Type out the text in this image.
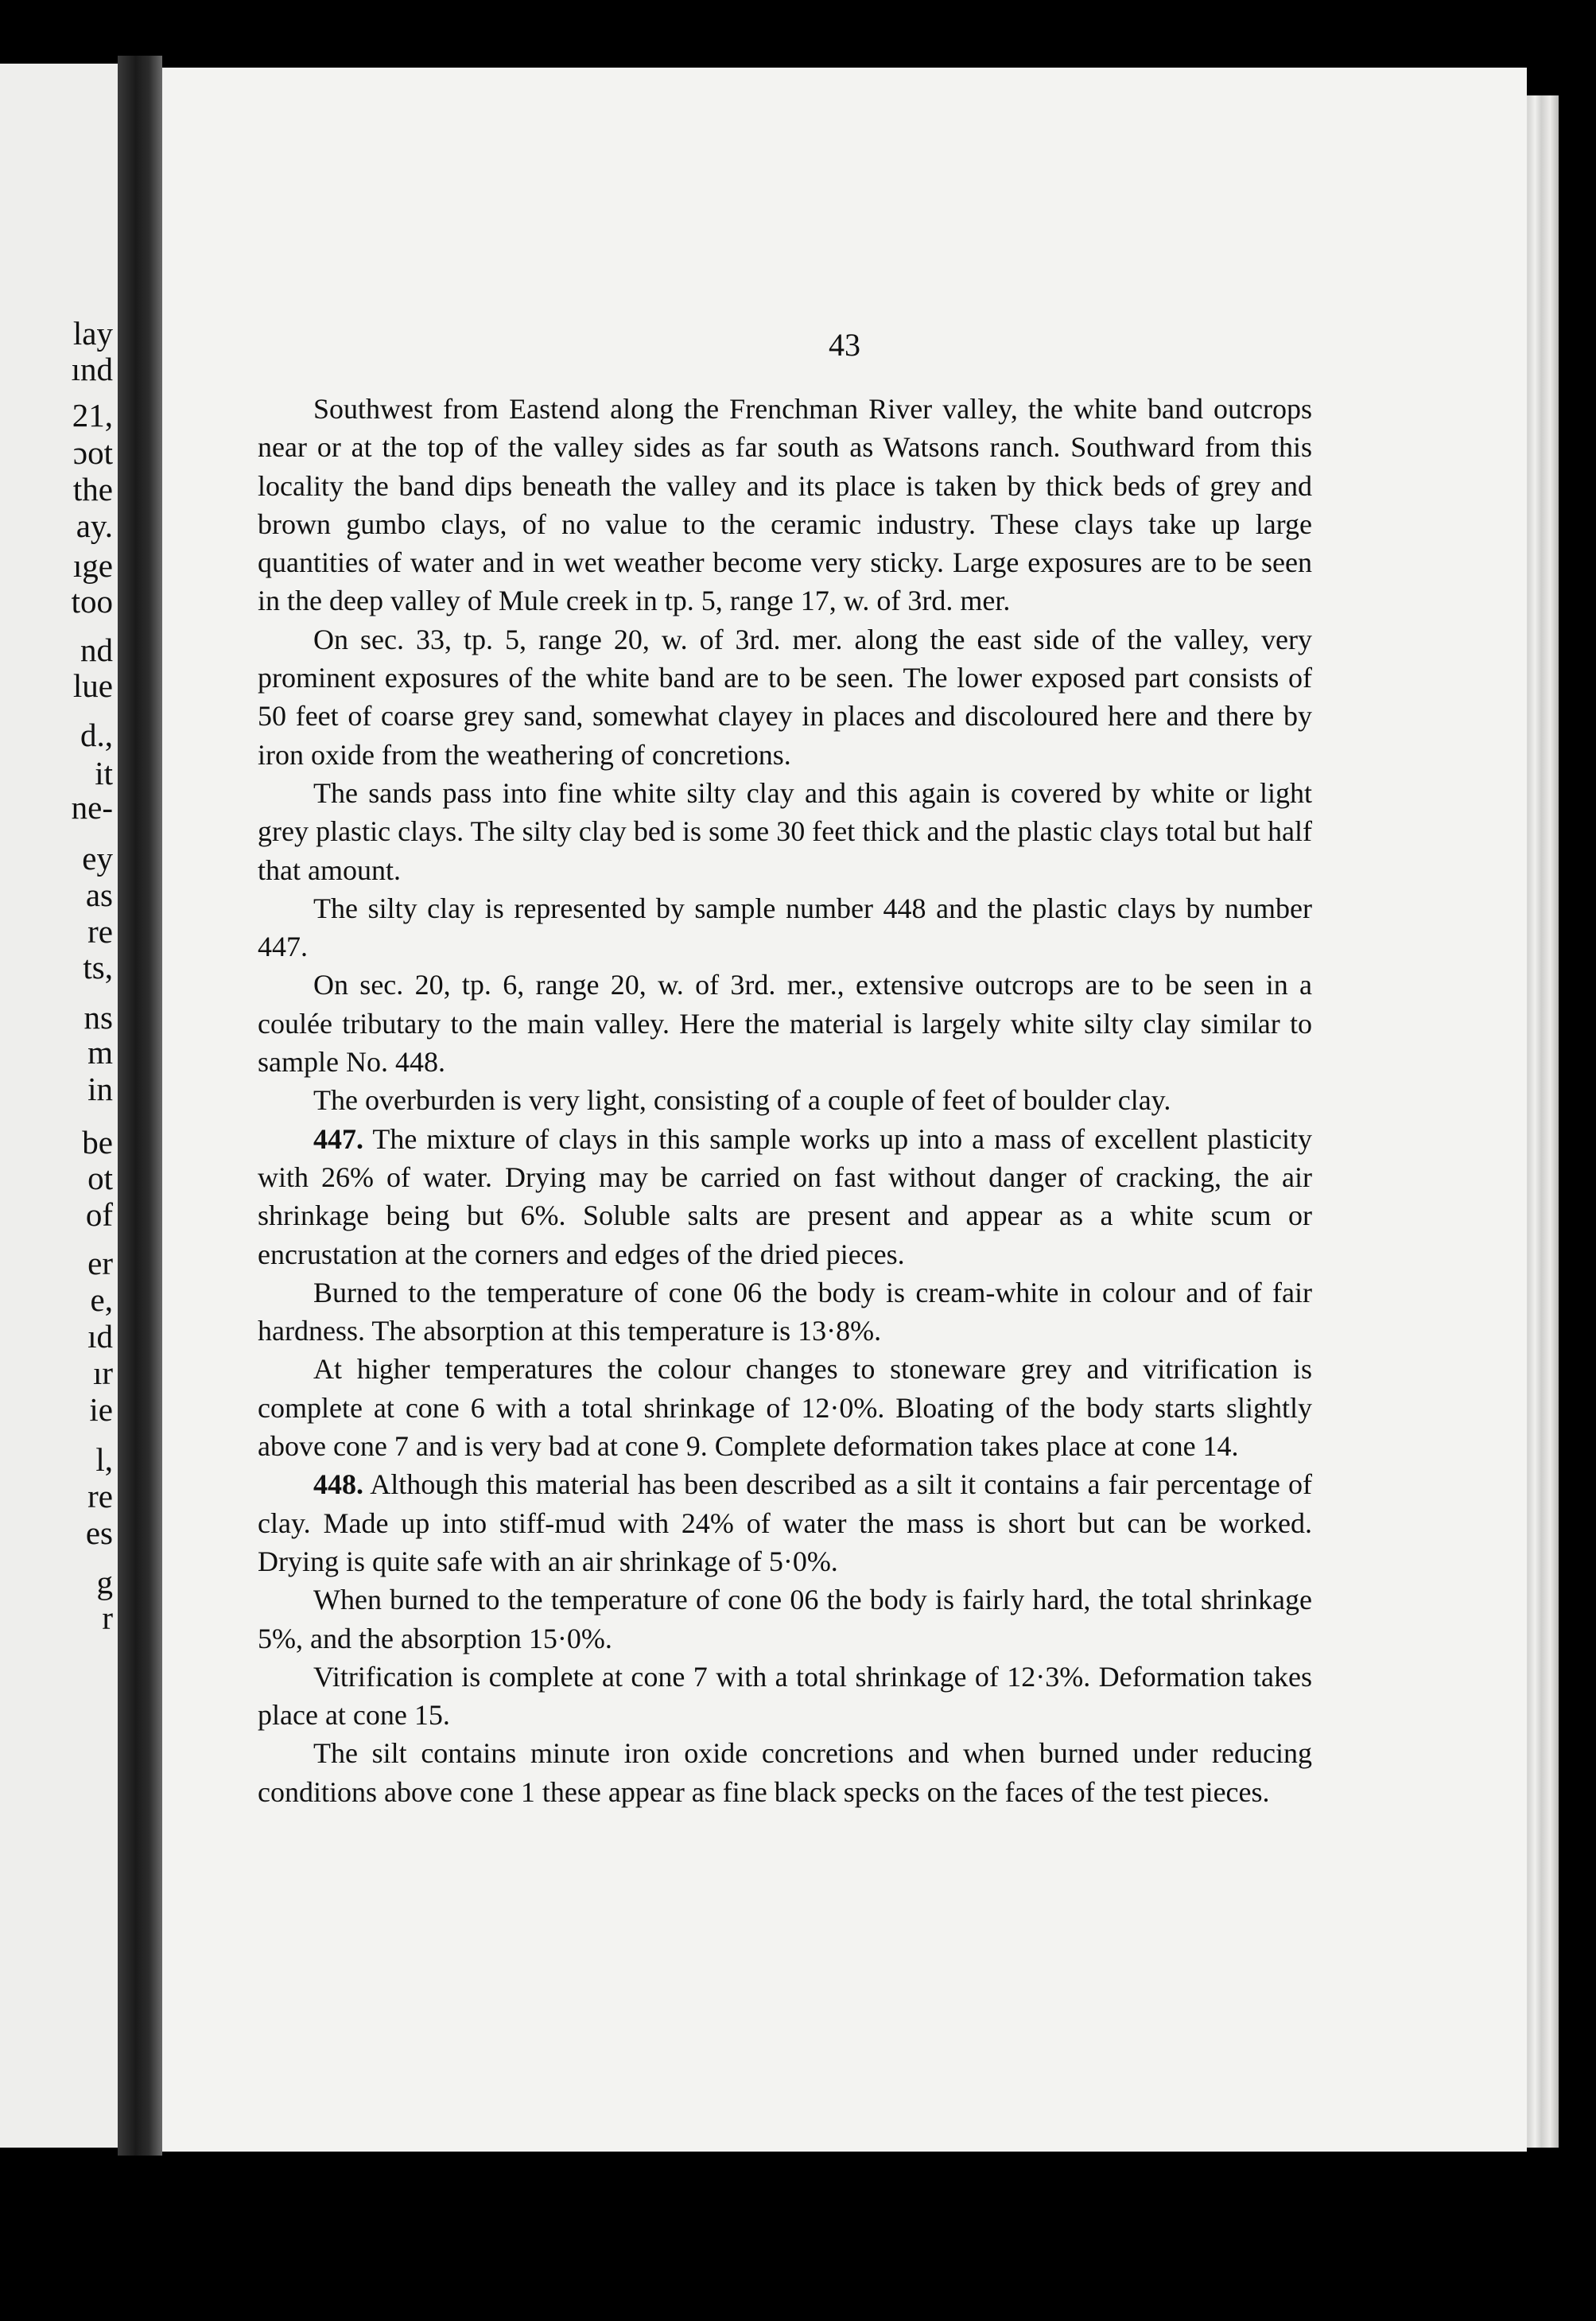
lay
ınd
21,
ɔot
the
ay.
ıge
too
nd
lue
d.,
it
ne-
ey
as
re
ts,
ns
m
in
be
ot
of
er
e,
ıd
ır
ie
l,
re
es
g
r
43

Southwest from Eastend along the Frenchman River valley, the white band outcrops near or at the top of the valley sides as far south as Watsons ranch. Southward from this locality the band dips beneath the valley and its place is taken by thick beds of grey and brown gumbo clays, of no value to the ceramic industry. These clays take up large quantities of water and in wet weather become very sticky. Large exposures are to be seen in the deep valley of Mule creek in tp. 5, range 17, w. of 3rd. mer.

On sec. 33, tp. 5, range 20, w. of 3rd. mer. along the east side of the valley, very prominent exposures of the white band are to be seen. The lower exposed part consists of 50 feet of coarse grey sand, somewhat clayey in places and discoloured here and there by iron oxide from the weathering of concretions.

The sands pass into fine white silty clay and this again is covered by white or light grey plastic clays. The silty clay bed is some 30 feet thick and the plastic clays total but half that amount.

The silty clay is represented by sample number 448 and the plastic clays by number 447.

On sec. 20, tp. 6, range 20, w. of 3rd. mer., extensive outcrops are to be seen in a coulée tributary to the main valley. Here the material is largely white silty clay similar to sample No. 448.

The overburden is very light, consisting of a couple of feet of boulder clay.

447. The mixture of clays in this sample works up into a mass of excellent plasticity with 26% of water. Drying may be carried on fast without danger of cracking, the air shrinkage being but 6%. Soluble salts are present and appear as a white scum or encrustation at the corners and edges of the dried pieces.

Burned to the temperature of cone 06 the body is cream-white in colour and of fair hardness. The absorption at this temperature is 13·8%.

At higher temperatures the colour changes to stoneware grey and vitrification is complete at cone 6 with a total shrinkage of 12·0%. Bloating of the body starts slightly above cone 7 and is very bad at cone 9. Complete deformation takes place at cone 14.

448. Although this material has been described as a silt it contains a fair percentage of clay. Made up into stiff-mud with 24% of water the mass is short but can be worked. Drying is quite safe with an air shrinkage of 5·0%.

When burned to the temperature of cone 06 the body is fairly hard, the total shrinkage 5%, and the absorption 15·0%.

Vitrification is complete at cone 7 with a total shrinkage of 12·3%. Deformation takes place at cone 15.

The silt contains minute iron oxide concretions and when burned under reducing conditions above cone 1 these appear as fine black specks on the faces of the test pieces.
